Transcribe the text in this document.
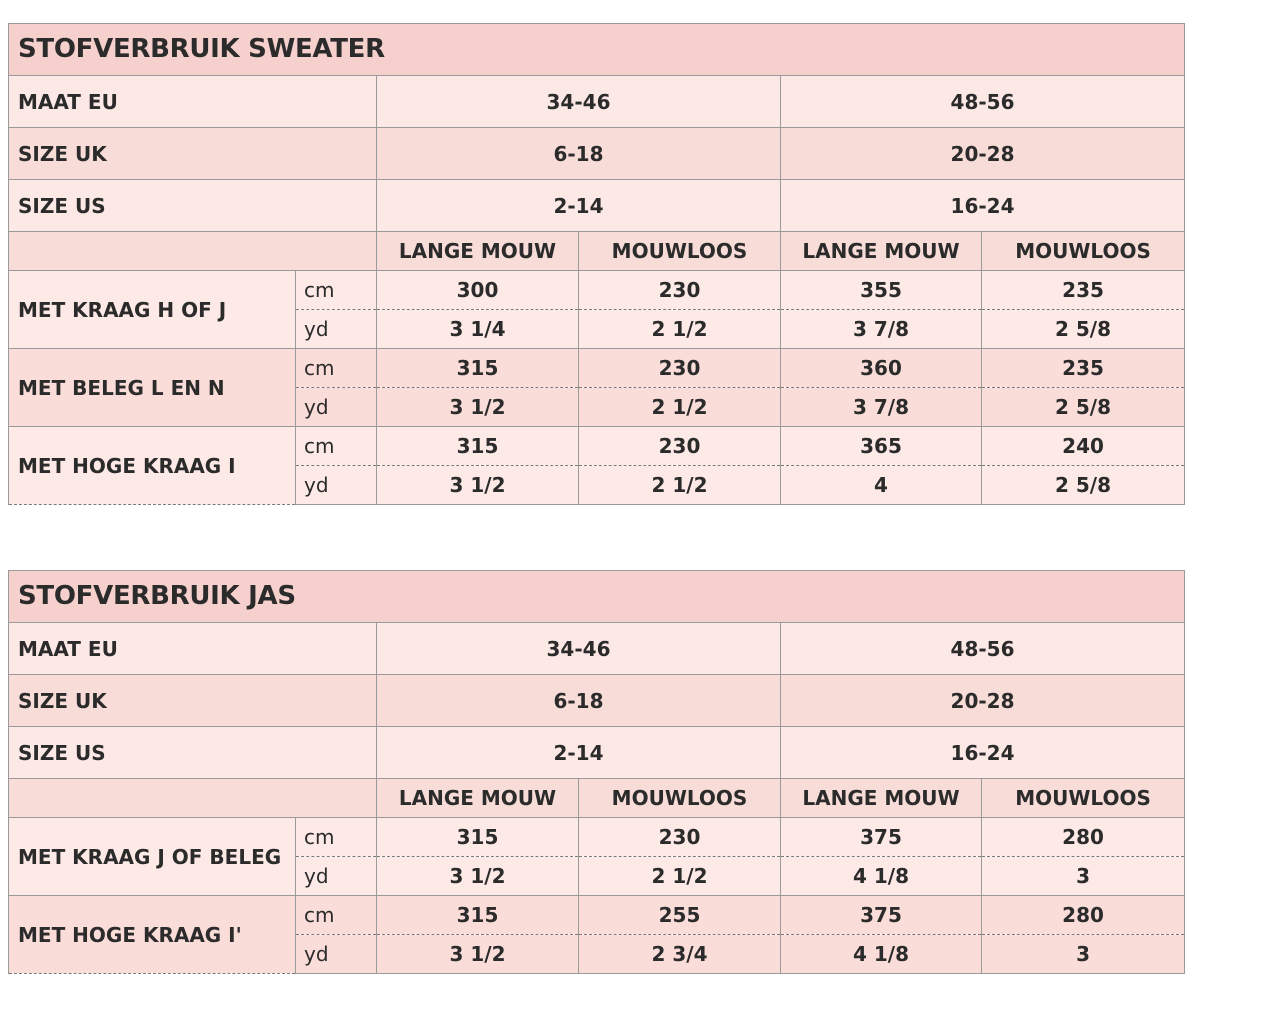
STOFVERBRUIK SWEATER					
MAAT EU		34-46		48-56	
SIZE UK		6-18		20-28	
SIZE US		2-14		16-24	
		LANGE MOUW	MOUWLOOS	LANGE MOUW	MOUWLOOS
MET KRAAG H OF J	cm	300	230	355	235
	yd	3 1/4	2 1/2	3 7/8	2 5/8
MET BELEG L EN N	cm	315	230	360	235
	yd	3 1/2	2 1/2	3 7/8	2 5/8
MET HOGE KRAAG I	cm	315	230	365	240
	yd	3 1/2	2 1/2	4	2 5/8
STOFVERBRUIK JAS					
MAAT EU		34-46		48-56	
SIZE UK		6-18		20-28	
SIZE US		2-14		16-24	
		LANGE MOUW	MOUWLOOS	LANGE MOUW	MOUWLOOS
MET KRAAG J OF BELEG	cm	315	230	375	280
	yd	3 1/2	2 1/2	4 1/8	3
MET HOGE KRAAG I'	cm	315	255	375	280
	yd	3 1/2	2 3/4	4 1/8	3
